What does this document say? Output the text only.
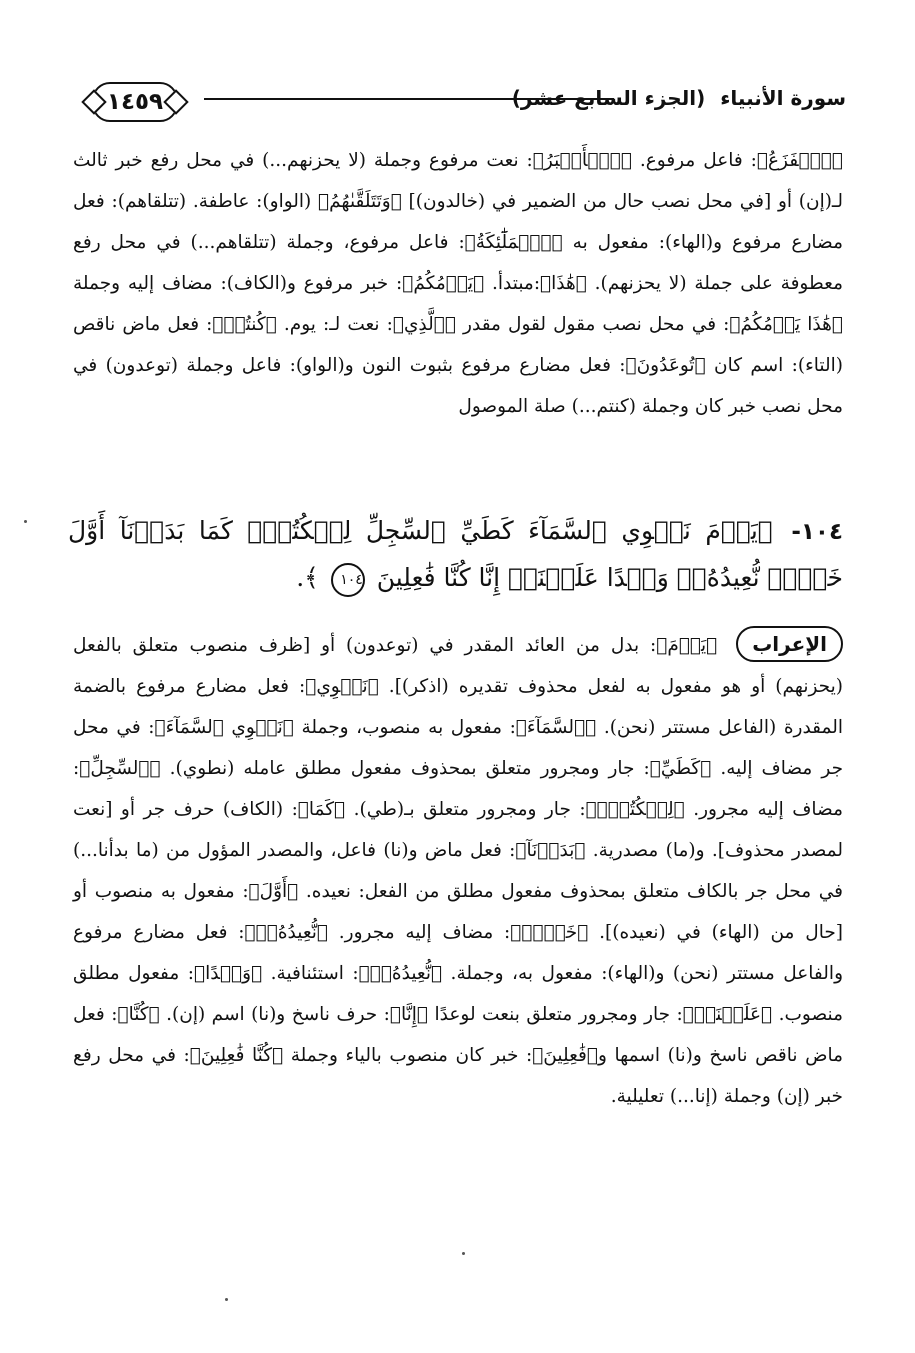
سورة الأنبياء (الجزء السابع عشر)
١٤٥٩

﴿ٱلۡفَزَعُ﴾: فاعل مرفوع. ﴿ٱلۡأَكۡبَرُ﴾: نعت مرفوع وجملة (لا يحزنهم...) في محل رفع خبر ثالث لـ(إن) أو [في محل نصب حال من الضمير في (خالدون)] ﴿وَتَتَلَقَّىٰهُمُ﴾ (الواو): عاطفة. (تتلقاهم): فعل مضارع مرفوع و(الهاء): مفعول به ﴿ٱلۡمَلَٰٓئِكَةُ﴾: فاعل مرفوع، وجملة (تتلقاهم...) في محل رفع معطوفة على جملة (لا يحزنهم). ﴿هَٰذَا﴾:مبتدأ. ﴿يَوۡمُكُمُ﴾: خبر مرفوع و(الكاف): مضاف إليه وجملة ﴿هَٰذَا يَوۡمُكُمُ﴾: في محل نصب مقول لقول مقدر ﴿ٱلَّذِي﴾: نعت لـ: يوم. ﴿كُنتُمۡ﴾: فعل ماض ناقص (التاء): اسم كان ﴿تُوعَدُونَ﴾: فعل مضارع مرفوع بثبوت النون و(الواو): فاعل وجملة (توعدون) في محل نصب خبر كان وجملة (كنتم...) صلة الموصول

١٠٤- ﴿يَوۡمَ نَطۡوِي ٱلسَّمَآءَ كَطَيِّ ٱلسِّجِلِّ لِلۡكُتُبِۚ كَمَا بَدَأۡنَآ أَوَّلَ خَلۡقٖ نُّعِيدُهُۥۚ وَعۡدًا عَلَيۡنَآۚ إِنَّا كُنَّا فَٰعِلِينَ ١٠٤ ﴾.

الإعراب ﴿يَوۡمَ﴾: بدل من العائد المقدر في (توعدون) أو [ظرف منصوب متعلق بالفعل (يحزنهم) أو هو مفعول به لفعل محذوف تقديره (اذكر)]. ﴿نَطۡوِي﴾: فعل مضارع مرفوع بالضمة المقدرة (الفاعل مستتر (نحن). ﴿ٱلسَّمَآءَ﴾: مفعول به منصوب، وجملة ﴿نَطۡوِي ٱلسَّمَآءَ﴾: في محل جر مضاف إليه. ﴿كَطَيِّ﴾: جار ومجرور متعلق بمحذوف مفعول مطلق عامله (نطوي). ﴿ٱلسِّجِلِّ﴾: مضاف إليه مجرور. ﴿لِلۡكُتُبِۚ﴾: جار ومجرور متعلق بـ(طي). ﴿كَمَا﴾: (الكاف) حرف جر أو [نعت لمصدر محذوف]. و(ما) مصدرية. ﴿بَدَأۡنَآ﴾: فعل ماض و(نا) فاعل، والمصدر المؤول من (ما بدأنا...) في محل جر بالكاف متعلق بمحذوف مفعول مطلق من الفعل: نعيده. ﴿أَوَّلَ﴾: مفعول به منصوب أو [حال من (الهاء) في (نعيده)]. ﴿خَلۡقٖ﴾: مضاف إليه مجرور. ﴿نُّعِيدُهُۥۚ﴾: فعل مضارع مرفوع والفاعل مستتر (نحن) و(الهاء): مفعول به، وجملة. ﴿نُّعِيدُهُۥۚ﴾: استئنافية. ﴿وَعۡدًا﴾: مفعول مطلق منصوب. ﴿عَلَيۡنَآۚ﴾: جار ومجرور متعلق بنعت لوعدًا ﴿إِنَّا﴾: حرف ناسخ و(نا) اسم (إن). ﴿كُنَّا﴾: فعل ماض ناقص ناسخ و(نا) اسمها و﴿فَٰعِلِينَ﴾: خبر كان منصوب بالياء وجملة ﴿كُنَّا فَٰعِلِينَ﴾: في محل رفع خبر (إن) وجملة (إنا...) تعليلية.
